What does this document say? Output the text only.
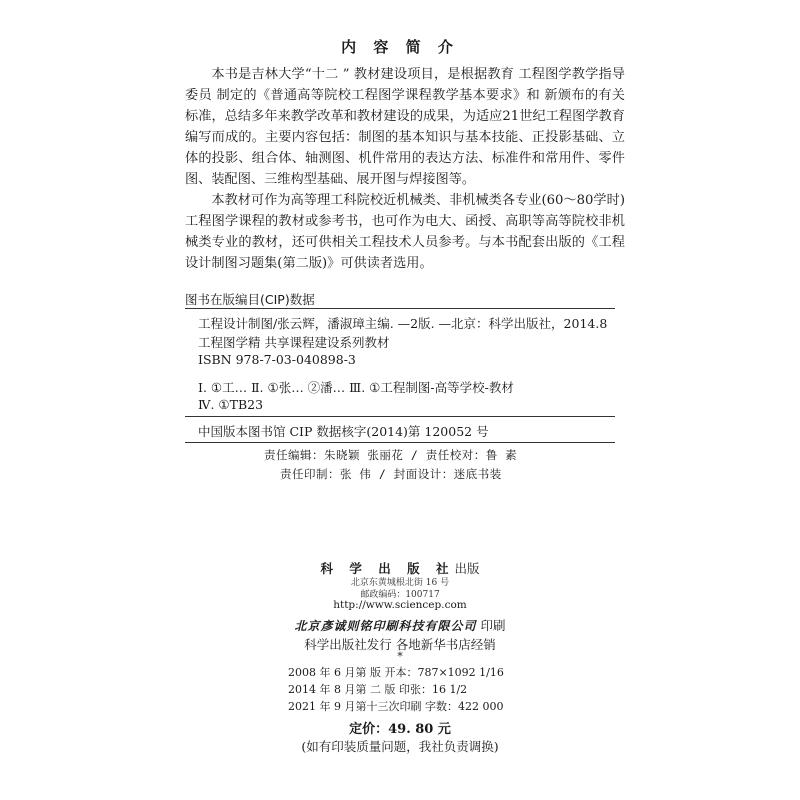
内 容 简 介

本书是吉林大学“十二 ” 教材建设项目，是根据教育 工程图学教学指导委员 制定的《普通高等院校工程图学课程教学基本要求》和 新颁布的有关 标准，总结多年来教学改革和教材建设的成果，为适应21世纪工程图学教育编写而成的。主要内容包括：制图的基本知识与基本技能、正投影基础、立体的投影、组合体、轴测图、机件常用的表达方法、标准件和常用件、零件图、装配图、三维构型基础、展开图与焊接图等。

本教材可作为高等理工科院校近机械类、非机械类各专业(60～80学时)工程图学课程的教材或参考书，也可作为电大、函授、高职等高等院校非机械类专业的教材，还可供相关工程技术人员参考。与本书配套出版的《工程设计制图习题集(第二版)》可供读者选用。

图书在版编目(CIP)数据
工程设计制图/张云辉，潘淑璋主编. —2版. —北京：科学出版社，2014.8
工程图学精 共享课程建设系列教材
ISBN 978-7-03-040898-3
Ⅰ. ①工… Ⅱ. ①张… ②潘… Ⅲ. ①工程制图-高等学校-教材
Ⅳ. ①TB23
中国版本图书馆 CIP 数据核字(2014)第 120052 号
责任编辑：朱晓颖 张丽花 / 责任校对：鲁 素
责任印制：张 伟 / 封面设计：迷底书装
科 学 出 版 社出版
北京东黄城根北街 16 号
邮政编码：100717
http://www.sciencep.com
北京彥诚则铭印刷科技有限公司 印刷
科学出版社发行 各地新华书店经销
*
2008 年 6 月第 版 开本：787×1092 1/16
2014 年 8 月第 二 版 印张：16 1/2
2021 年 9 月第十三次印刷 字数：422 000
定价：49. 80 元
(如有印装质量问题，我社负责调换)
